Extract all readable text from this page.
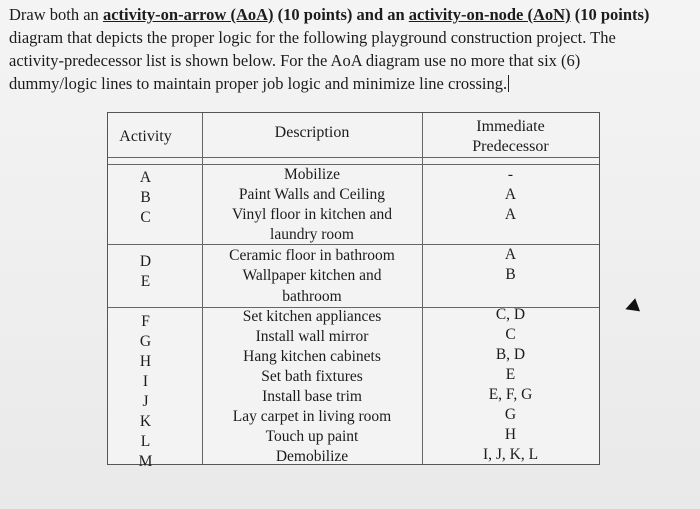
Draw both an activity-on-arrow (AoA) (10 points) and an activity-on-node (AoN) (10 points)
diagram that depicts the proper logic for the following playground construction project. The
activity-predecessor list is shown below. For the AoA diagram use no more that six (6)
dummy/logic lines to maintain proper job logic and minimize line crossing.
Activity	Description	Immediate
Predecessor
A
B
C
Mobilize
Paint Walls and Ceiling
Vinyl floor in kitchen and
laundry room
-
A
A
D
E
Ceramic floor in bathroom
Wallpaper kitchen and
bathroom
A
B
F
G
H
I
J
K
L
M
Set kitchen appliances
Install wall mirror
Hang kitchen cabinets
Set bath fixtures
Install base trim
Lay carpet in living room
Touch up paint
Demobilize
C, D
C
B, D
E
E, F, G
G
H
I, J, K, L
